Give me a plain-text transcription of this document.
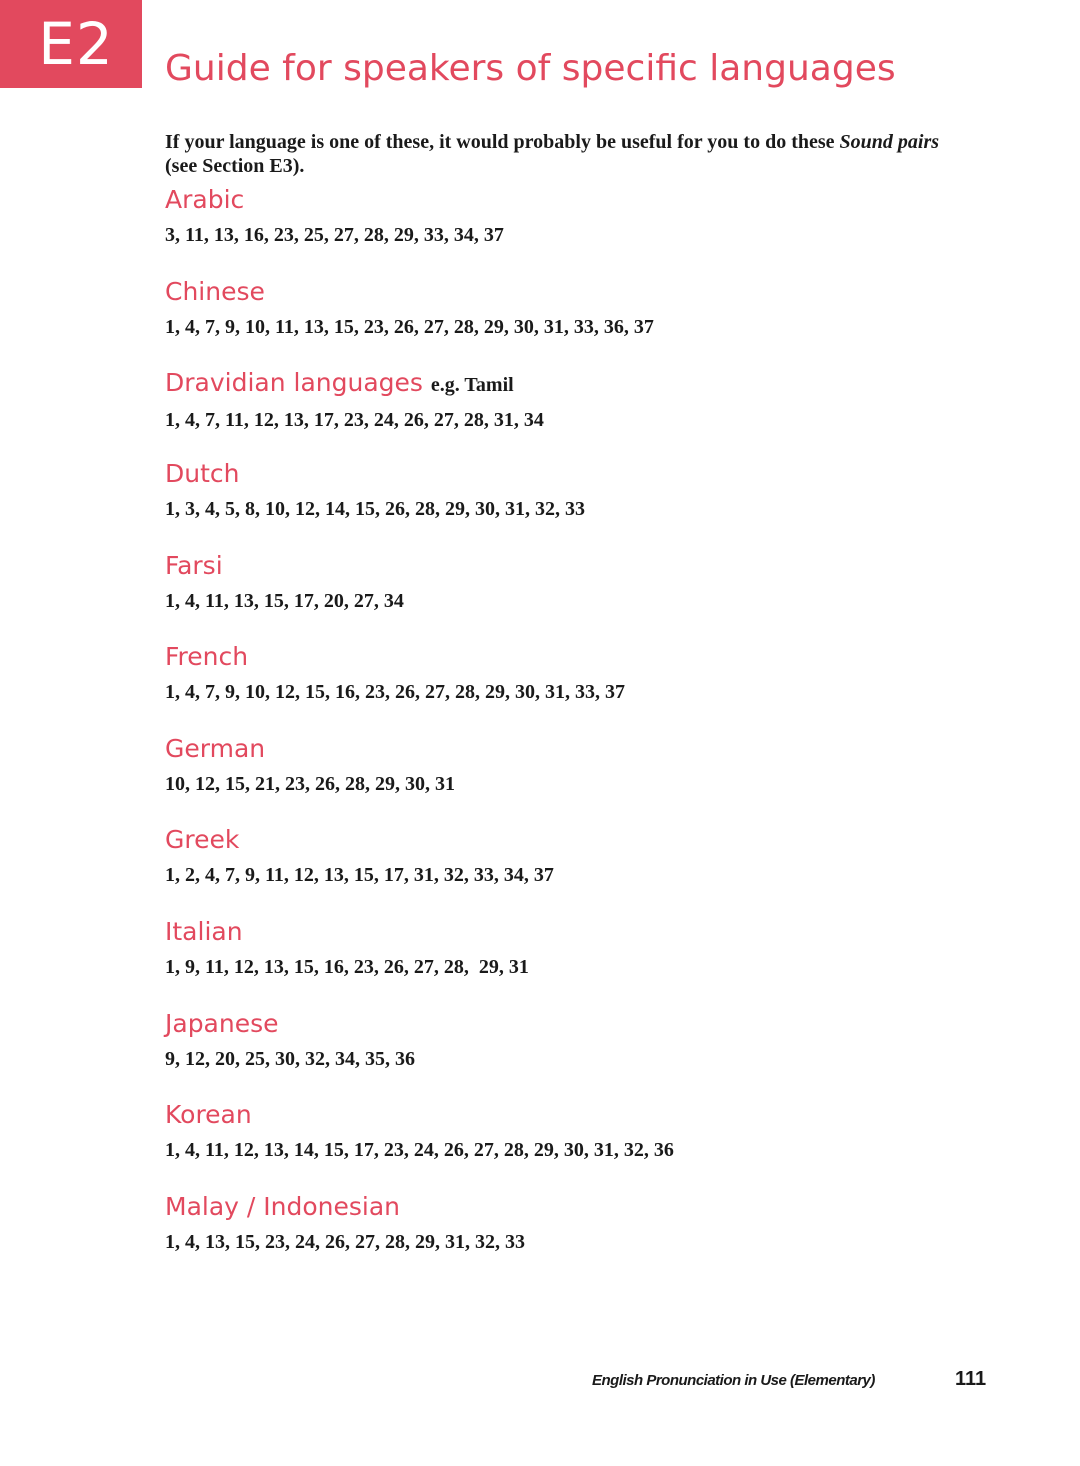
E2 Guide for speakers of specific languages

If your language is one of these, it would probably be useful for you to do these Sound pairs (see Section E3).

Arabic

3, 11, 13, 16, 23, 25, 27, 28, 29, 33, 34, 37

Chinese

1, 4, 7, 9, 10, 11, 13, 15, 23, 26, 27, 28, 29, 30, 31, 33, 36, 37

Dravidian languages e.g. Tamil

1, 4, 7, 11, 12, 13, 17, 23, 24, 26, 27, 28, 31, 34

Dutch

1, 3, 4, 5, 8, 10, 12, 14, 15, 26, 28, 29, 30, 31, 32, 33

Farsi

1, 4, 11, 13, 15, 17, 20, 27, 34

French

1, 4, 7, 9, 10, 12, 15, 16, 23, 26, 27, 28, 29, 30, 31, 33, 37

German

10, 12, 15, 21, 23, 26, 28, 29, 30, 31

Greek

1, 2, 4, 7, 9, 11, 12, 13, 15, 17, 31, 32, 33, 34, 37

Italian

1, 9, 11, 12, 13, 15, 16, 23, 26, 27, 28,  29, 31

Japanese

9, 12, 20, 25, 30, 32, 34, 35, 36

Korean

1, 4, 11, 12, 13, 14, 15, 17, 23, 24, 26, 27, 28, 29, 30, 31, 32, 36

Malay / Indonesian

1, 4, 13, 15, 23, 24, 26, 27, 28, 29, 31, 32, 33

English Pronunciation in Use (Elementary)	111
